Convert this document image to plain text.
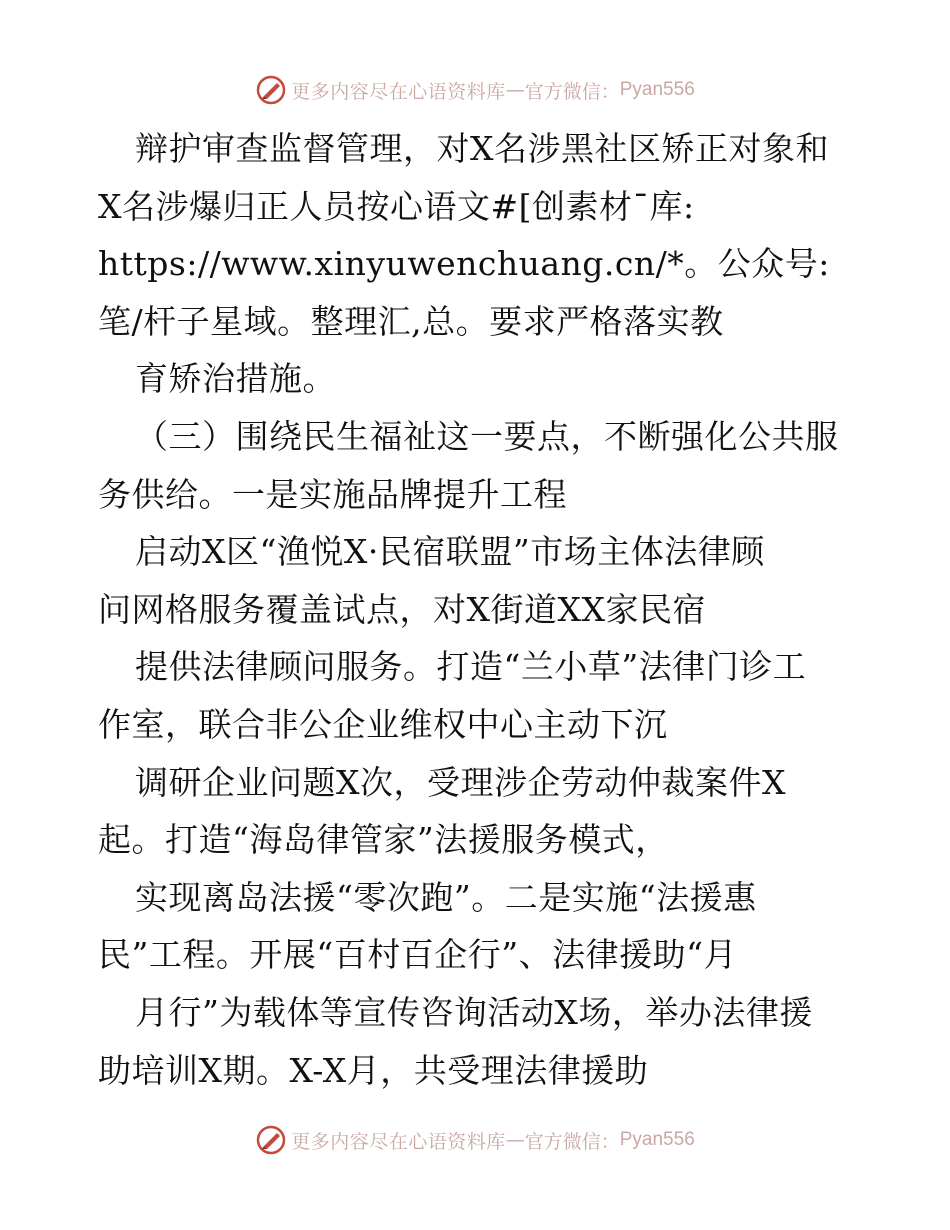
更多内容尽在心语资料库 — 官方微信： Pyan556
辩护审查监督管理，对X名涉黑社区矫正对象和
X名涉爆归正人员按心语文#[创素材¯库:
https://www.xinyuwenchuang.cn/*。公众号:
笔/杆子星域。整理汇,总。要求严格落实教
育矫治措施。
（三）围绕民生福祉这一要点，不断强化公共服
务供给。一是实施品牌提升工程
启动X区“渔悦X·民宿联盟”市场主体法律顾
问网格服务覆盖试点，对X街道XX家民宿
提供法律顾问服务。打造“兰小草”法律门诊工
作室，联合非公企业维权中心主动下沉
调研企业问题X次，受理涉企劳动仲裁案件X
起。打造“海岛律管家”法援服务模式，
实现离岛法援“零次跑”。二是实施“法援惠
民”工程。开展“百村百企行”、法律援助“月
月行”为载体等宣传咨询活动X场，举办法律援
助培训X期。X-X月，共受理法律援助
更多内容尽在心语资料库 — 官方微信： Pyan556
